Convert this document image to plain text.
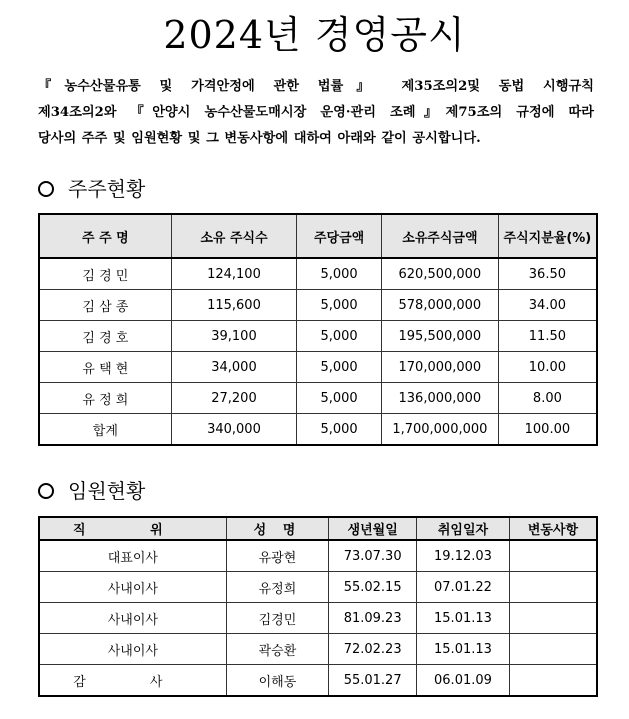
2024년 경영공시

『농수산물유통 및 가격안정에 관한 법률』 제35조의2및 동법 시행규칙

제34조의2와 『안양시 농수산물도매시장 운영·관리 조례』제75조의 규정에 따라

당사의 주주 및 임원현황 및 그 변동사항에 대하여 아래와 같이 공시합니다.

주주현황
주 주 명	소유 주식수	주당금액	소유주식금액	주식지분율(%)
김 경 민	124,100	5,000	620,500,000	36.50
김 삼 종	115,600	5,000	578,000,000	34.00
김 경 호	39,100	5,000	195,500,000	11.50
유 택 현	34,000	5,000	170,000,000	10.00
유 정 희	27,200	5,000	136,000,000	8.00
합계	340,000	5,000	1,700,000,000	100.00
임원현황
직 위	성 명	생년월일	취임일자	변동사항
대표이사	유광현	73.07.30	19.12.03	
사내이사	유정희	55.02.15	07.01.22	
사내이사	김경민	81.09.23	15.01.13	
사내이사	곽승환	72.02.23	15.01.13	
감 사	이해동	55.01.27	06.01.09	
